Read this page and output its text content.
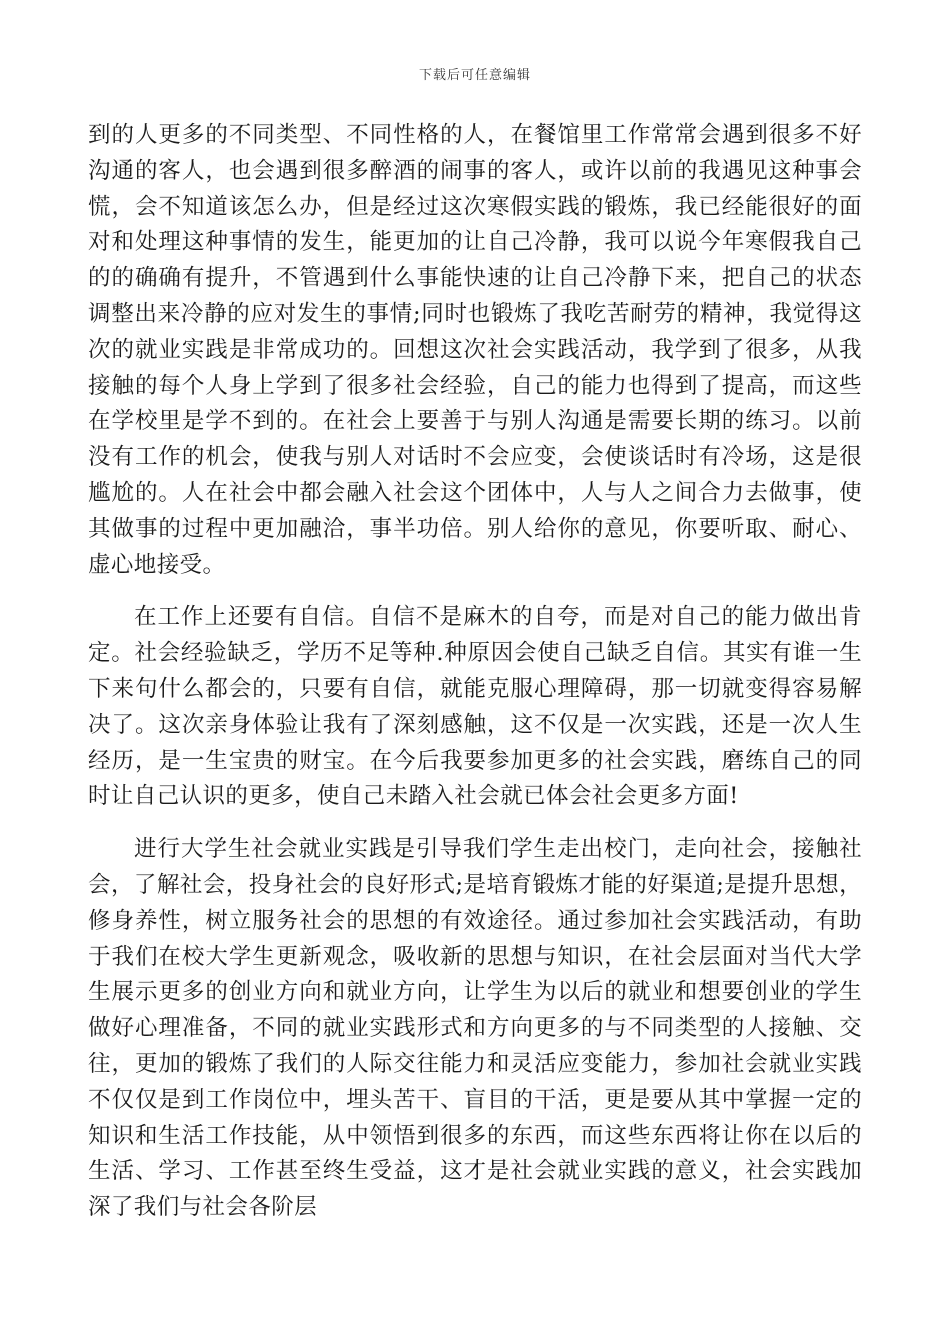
下载后可任意编辑

到的人更多的不同类型、不同性格的人，在餐馆里工作常常会遇到很多不好沟通的客人，也会遇到很多醉酒的闹事的客人，或许以前的我遇见这种事会慌，会不知道该怎么办，但是经过这次寒假实践的锻炼，我已经能很好的面对和处理这种事情的发生，能更加的让自己冷静，我可以说今年寒假我自己的的确确有提升，不管遇到什么事能快速的让自己冷静下来，把自己的状态调整出来冷静的应对发生的事情;同时也锻炼了我吃苦耐劳的精神，我觉得这次的就业实践是非常成功的。回想这次社会实践活动，我学到了很多，从我接触的每个人身上学到了很多社会经验，自己的能力也得到了提高，而这些在学校里是学不到的。在社会上要善于与别人沟通是需要长期的练习。以前没有工作的机会，使我与别人对话时不会应变，会使谈话时有冷场，这是很尴尬的。人在社会中都会融入社会这个团体中，人与人之间合力去做事，使其做事的过程中更加融洽，事半功倍。别人给你的意见，你要听取、耐心、虚心地接受。

在工作上还要有自信。自信不是麻木的自夸，而是对自己的能力做出肯定。社会经验缺乏，学历不足等种.种原因会使自己缺乏自信。其实有谁一生下来句什么都会的，只要有自信，就能克服心理障碍，那一切就变得容易解决了。这次亲身体验让我有了深刻感触，这不仅是一次实践，还是一次人生经历，是一生宝贵的财宝。在今后我要参加更多的社会实践，磨练自己的同时让自己认识的更多，使自己未踏入社会就已体会社会更多方面!

进行大学生社会就业实践是引导我们学生走出校门，走向社会，接触社会，了解社会，投身社会的良好形式;是培育锻炼才能的好渠道;是提升思想，修身养性，树立服务社会的思想的有效途径。通过参加社会实践活动，有助于我们在校大学生更新观念，吸收新的思想与知识，在社会层面对当代大学生展示更多的创业方向和就业方向，让学生为以后的就业和想要创业的学生做好心理准备，不同的就业实践形式和方向更多的与不同类型的人接触、交往，更加的锻炼了我们的人际交往能力和灵活应变能力，参加社会就业实践不仅仅是到工作岗位中，埋头苦干、盲目的干活，更是要从其中掌握一定的知识和生活工作技能，从中领悟到很多的东西，而这些东西将让你在以后的生活、学习、工作甚至终生受益，这才是社会就业实践的意义，社会实践加深了我们与社会各阶层
